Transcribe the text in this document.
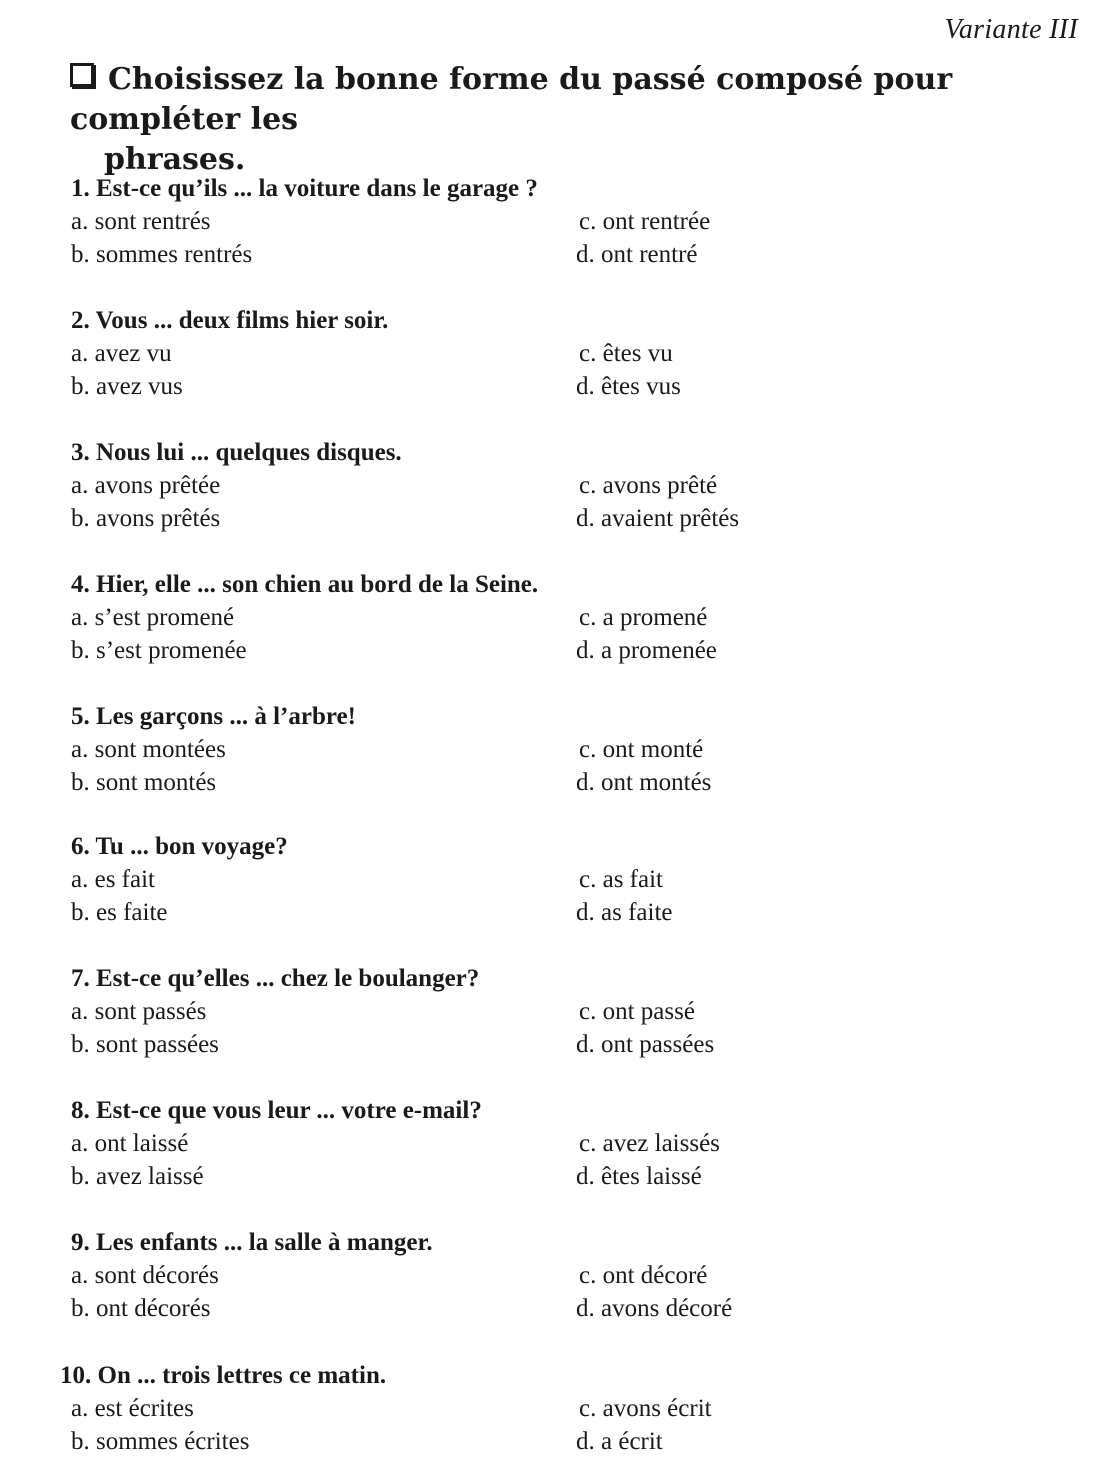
Variante III
Choisissez la bonne forme du passé composé pour compléter les
phrases.
1. Est-ce qu’ils ... la voiture dans le garage ?
a. sont rentrés
b. sommes rentrés
c. ont rentrée
d. ont rentré
2. Vous ... deux films hier soir.
a. avez vu
b. avez vus
c. êtes vu
d. êtes vus
3. Nous lui ... quelques disques.
a. avons prêtée
b. avons prêtés
c. avons prêté
d. avaient prêtés
4. Hier, elle ... son chien au bord de la Seine.
a. s’est promené
b. s’est promenée
c. a promené
d. a promenée
5. Les garçons ... à l’arbre!
a. sont montées
b. sont montés
c. ont monté
d. ont montés
6. Tu ... bon voyage?
a. es fait
b. es faite
c. as fait
d. as faite
7. Est-ce qu’elles ... chez le boulanger?
a. sont passés
b. sont passées
c. ont passé
d. ont passées
8. Est-ce que vous leur ... votre e-mail?
a. ont laissé
b. avez laissé
c. avez laissés
d. êtes laissé
9. Les enfants ... la salle à manger.
a. sont décorés
b. ont décorés
c. ont décoré
d. avons décoré
10. On ... trois lettres ce matin.
a. est écrites
b. sommes écrites
c. avons écrit
d. a écrit
